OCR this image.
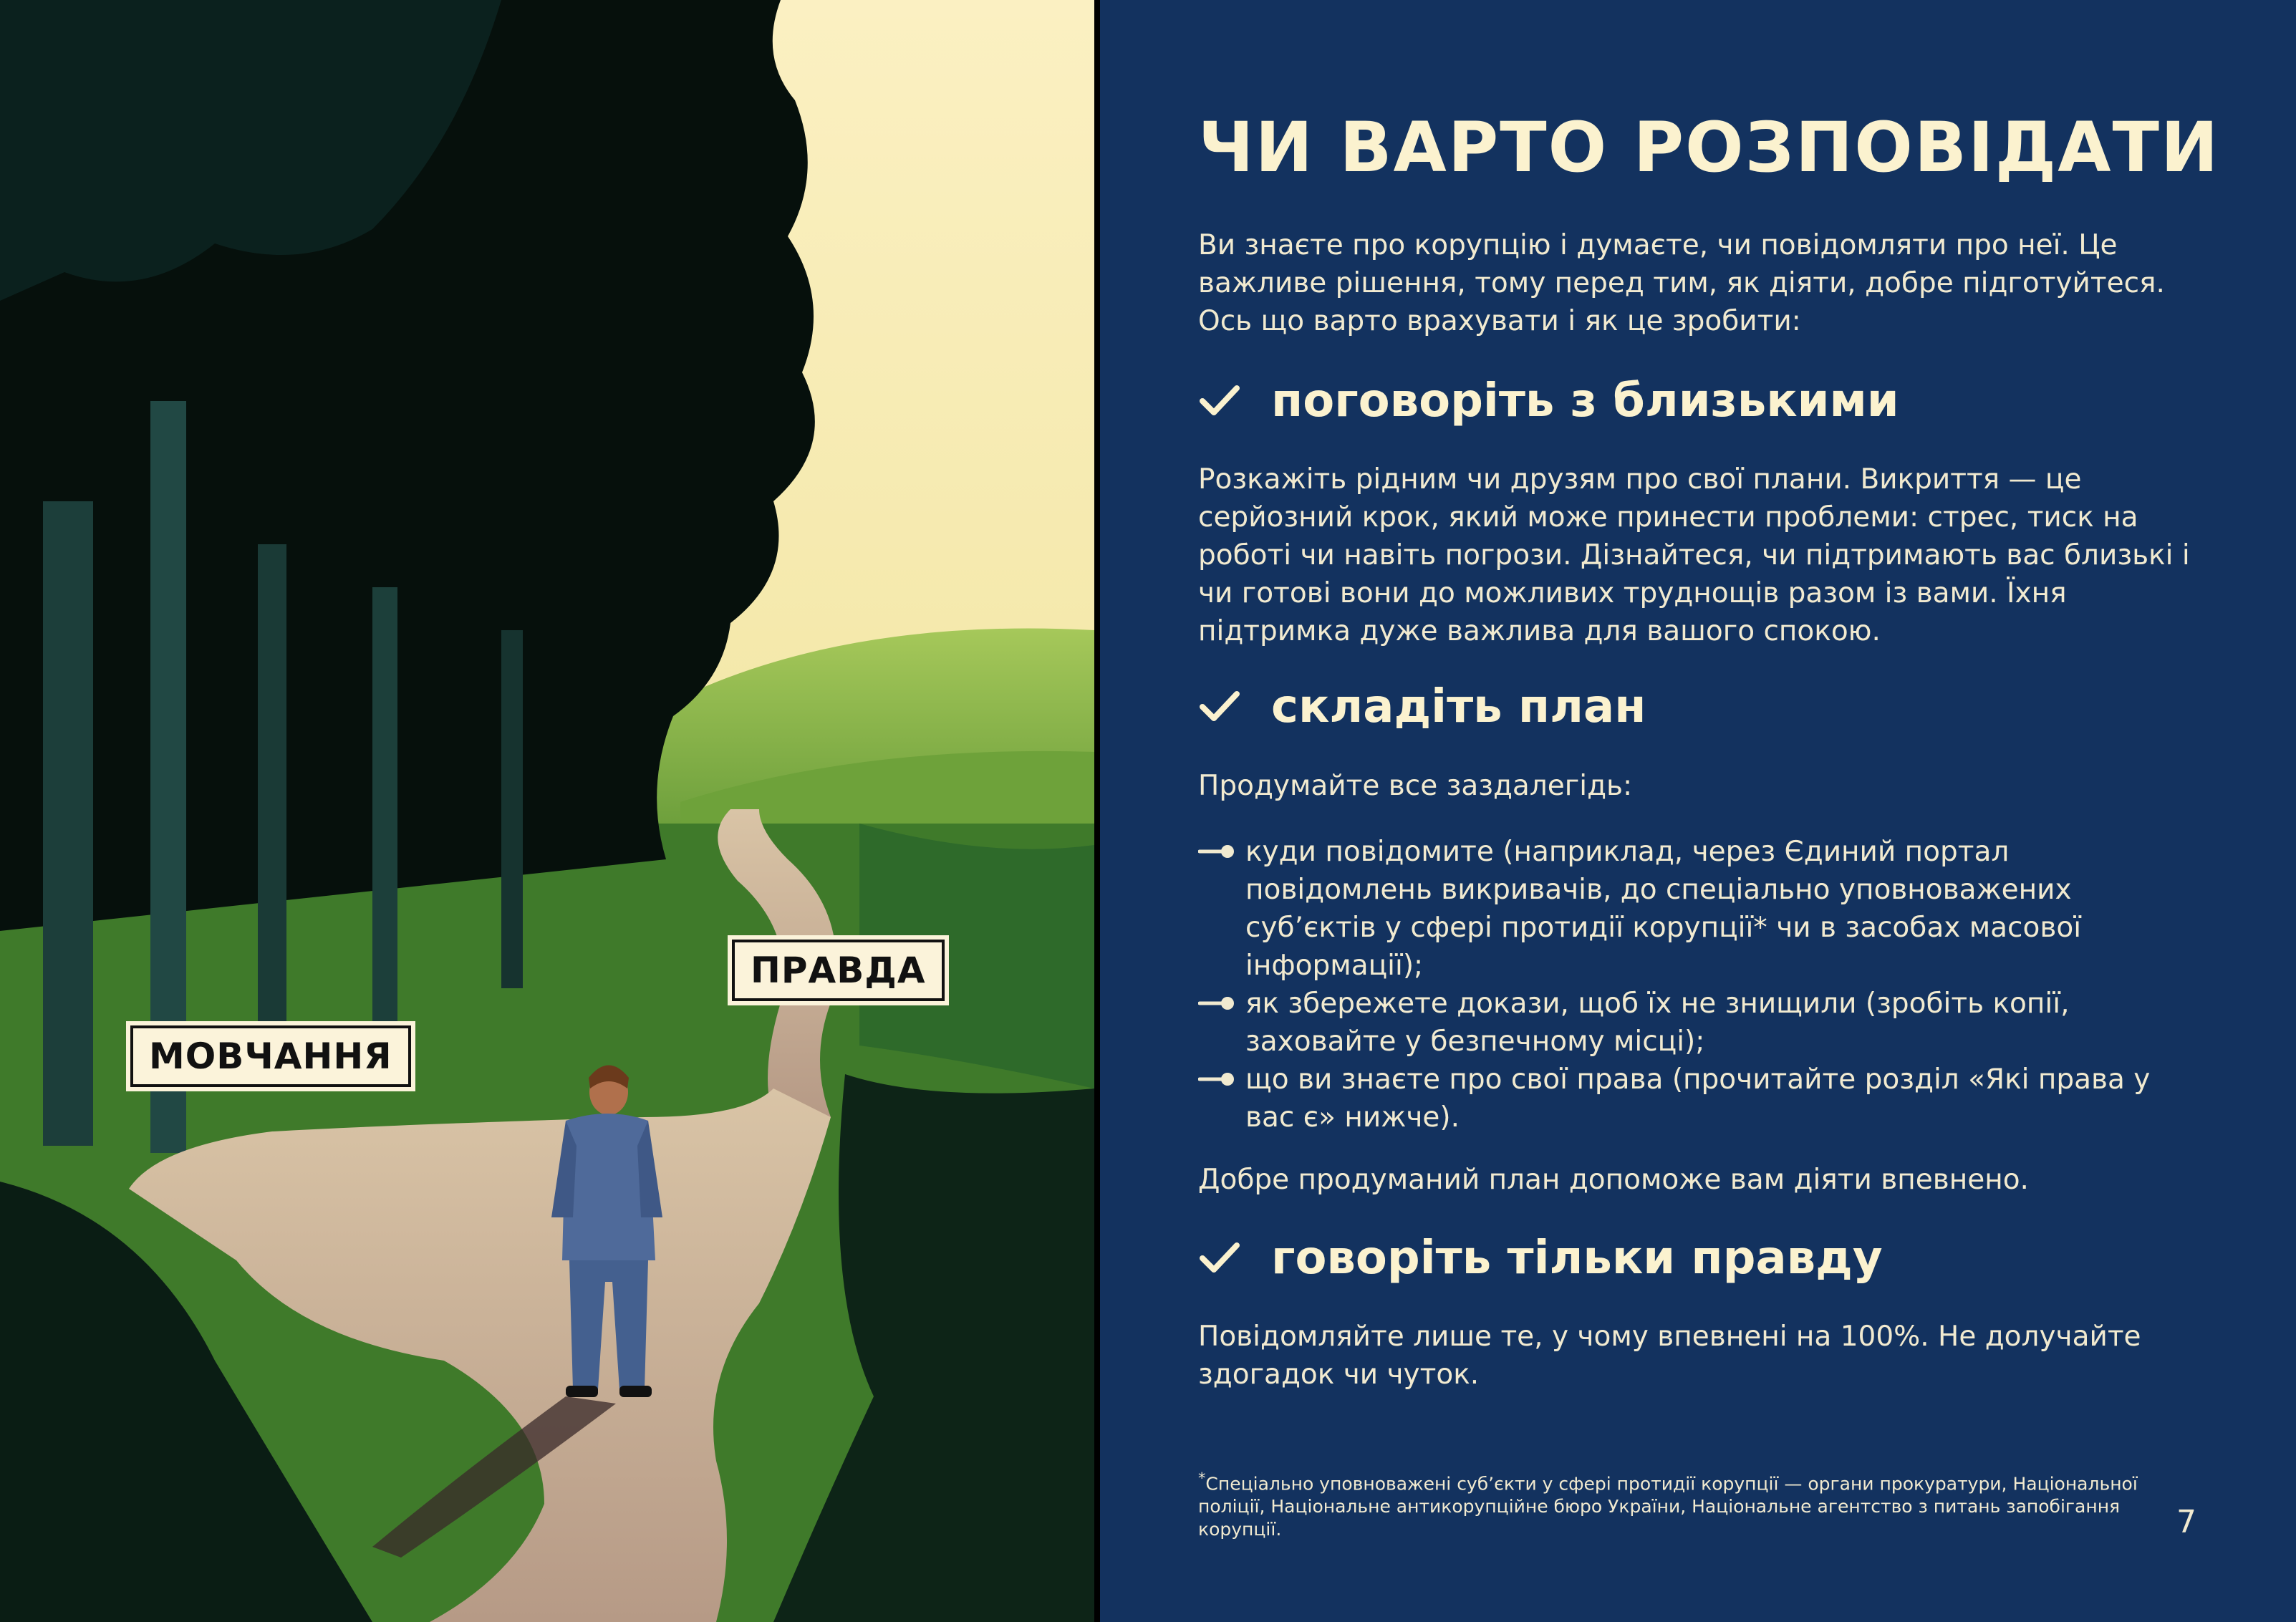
МОВЧАННЯ
ПРАВДА
ЧИ ВАРТО РОЗПОВІДАТИ

Ви знаєте про корупцію і думаєте, чи повідомляти про неї. Це важливе рішення, тому перед тим, як діяти, добре підготуйтеся. Ось що варто врахувати і як це зробити:

поговоріть з близькими

Розкажіть рідним чи друзям про свої плани. Викриття — це серйозний крок, який може принести проблеми: стрес, тиск на роботі чи навіть погрози. Дізнайтеся, чи підтримають вас близькі і чи готові вони до можливих труднощів разом із вами. Їхня підтримка дуже важлива для вашого спокою.

складіть план

Продумайте все заздалегідь:

куди повідомите (наприклад, через Єдиний портал повідомлень викривачів, до спеціально уповноважених суб’єктів у сфері протидії корупції* чи в засобах масової інформації);
як збережете докази, щоб їх не знищили (зробіть копії, заховайте у безпечному місці);
що ви знаєте про свої права (прочитайте розділ «Які права у вас є» нижче).

Добре продуманий план допоможе вам діяти впевнено.

говоріть тільки правду

Повідомляйте лише те, у чому впевнені на 100%. Не долучайте здогадок чи чуток.

*Спеціально уповноважені суб’єкти у сфері протидії корупції — органи прокуратури, Національної поліції, Національне антикорупційне бюро України, Національне агентство з питань запобігання корупції.	7
